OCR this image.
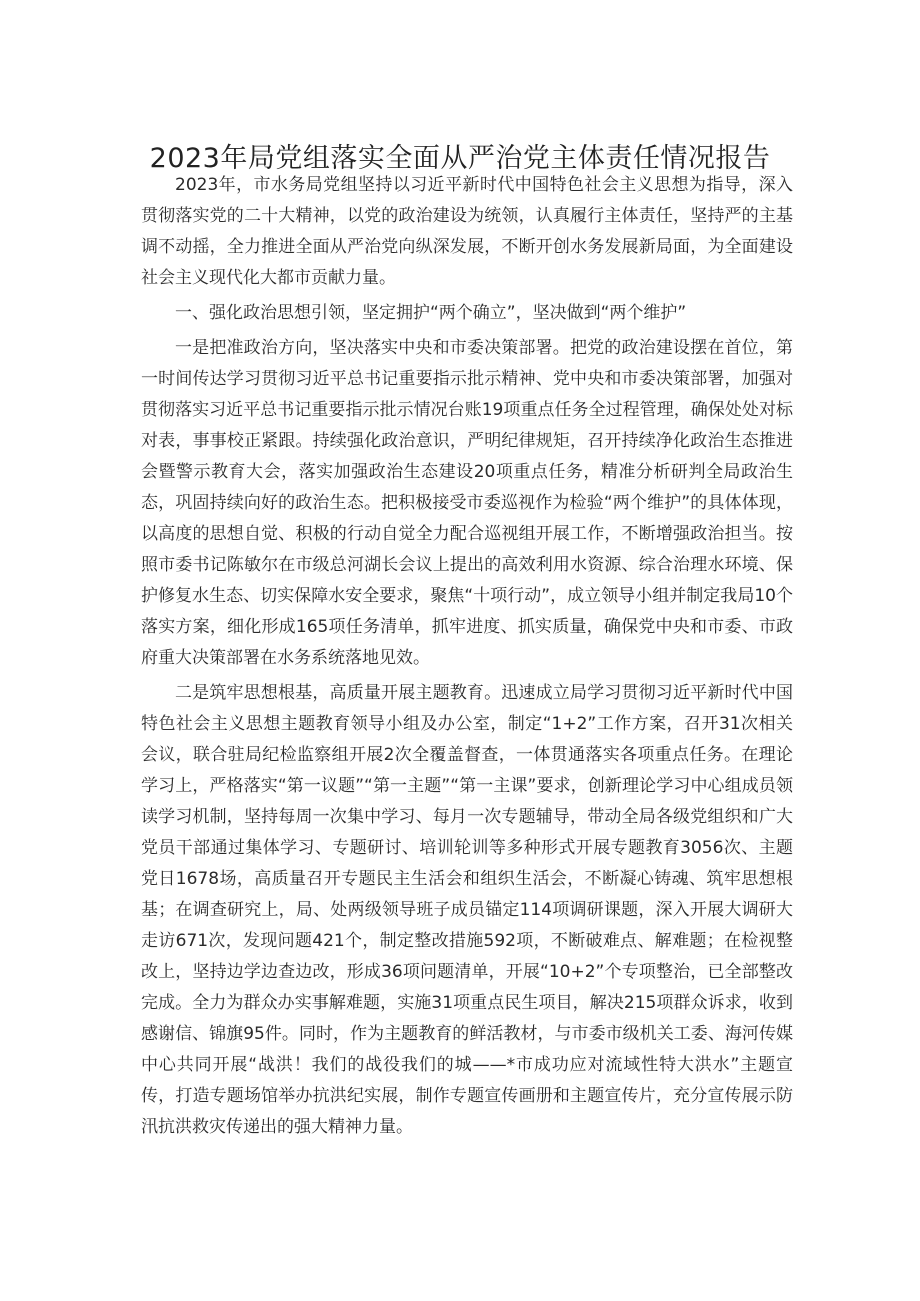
2023年局党组落实全面从严治党主体责任情况报告

2023年，市水务局党组坚持以习近平新时代中国特色社会主义思想为指导，深入贯彻落实党的二十大精神，以党的政治建设为统领，认真履行主体责任，坚持严的主基调不动摇，全力推进全面从严治党向纵深发展，不断开创水务发展新局面，为全面建设社会主义现代化大都市贡献力量。

一、强化政治思想引领，坚定拥护“两个确立”，坚决做到“两个维护”

一是把准政治方向，坚决落实中央和市委决策部署。把党的政治建设摆在首位，第一时间传达学习贯彻习近平总书记重要指示批示精神、党中央和市委决策部署，加强对贯彻落实习近平总书记重要指示批示情况台账19项重点任务全过程管理，确保处处对标对表，事事校正紧跟。持续强化政治意识，严明纪律规矩，召开持续净化政治生态推进会暨警示教育大会，落实加强政治生态建设20项重点任务，精准分析研判全局政治生态，巩固持续向好的政治生态。把积极接受市委巡视作为检验“两个维护”的具体体现，以高度的思想自觉、积极的行动自觉全力配合巡视组开展工作，不断增强政治担当。按照市委书记陈敏尔在市级总河湖长会议上提出的高效利用水资源、综合治理水环境、保护修复水生态、切实保障水安全要求，聚焦“十项行动”，成立领导小组并制定我局10个落实方案，细化形成165项任务清单，抓牢进度、抓实质量，确保党中央和市委、市政府重大决策部署在水务系统落地见效。

二是筑牢思想根基，高质量开展主题教育。迅速成立局学习贯彻习近平新时代中国特色社会主义思想主题教育领导小组及办公室，制定“1+2”工作方案，召开31次相关会议，联合驻局纪检监察组开展2次全覆盖督查，一体贯通落实各项重点任务。在理论学习上，严格落实“第一议题”“第一主题”“第一主课”要求，创新理论学习中心组成员领读学习机制，坚持每周一次集中学习、每月一次专题辅导，带动全局各级党组织和广大党员干部通过集体学习、专题研讨、培训轮训等多种形式开展专题教育3056次、主题党日1678场，高质量召开专题民主生活会和组织生活会，不断凝心铸魂、筑牢思想根基；在调查研究上，局、处两级领导班子成员锚定114项调研课题，深入开展大调研大走访671次，发现问题421个，制定整改措施592项，不断破难点、解难题；在检视整改上，坚持边学边查边改，形成36项问题清单，开展“10+2”个专项整治，已全部整改完成。全力为群众办实事解难题，实施31项重点民生项目，解决215项群众诉求，收到感谢信、锦旗95件。同时，作为主题教育的鲜活教材，与市委市级机关工委、海河传媒中心共同开展“战洪！我们的战役我们的城——*市成功应对流域性特大洪水”主题宣传，打造专题场馆举办抗洪纪实展，制作专题宣传画册和主题宣传片，充分宣传展示防汛抗洪救灾传递出的强大精神力量。
